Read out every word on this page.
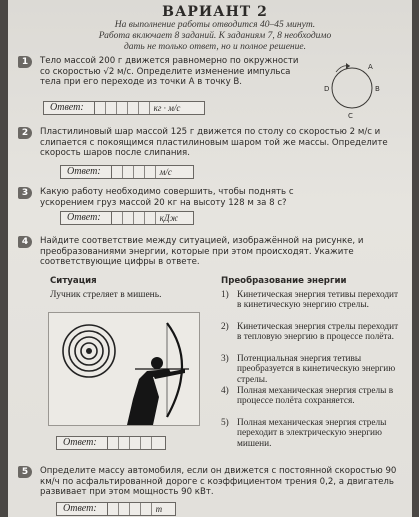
ВАРИАНТ 2
На выполнение работы отводится 40–45 минут.
Работа включает 8 заданий. К заданиям 7, 8 необходимо
дать не только ответ, но и полное решение.
1	Тело массой 200 г движется равномерно по окружности со скоростью √2 м/с. Определите изменение импульса тела при его переходе из точки А в точку В.
A
B
C
D
Ответ:	кг · м/с
2	Пластилиновый шар массой 125 г движется по столу со скоростью 2 м/с и слипается с покоящимся пластилиновым шаром той же массы. Определите скорость шаров после слипания.
Ответ:	м/с
3	Какую работу необходимо совершить, чтобы поднять с ускорением груз массой 20 кг на высоту 128 м за 8 с?
Ответ:	кДж
4	Найдите соответствие между ситуацией, изображённой на рисунке, и преобразованиями энергии, которые при этом происходят. Укажите соответствующие цифры в ответе.
Ситуация	Преобразование энергии
Лучник стреляет в мишень.	1) Кинетическая энергия тетивы переходит в кинетическую энергию стрелы.
2) Кинетическая энергия стрелы переходит в тепловую энергию в процессе полёта.
3) Потенциальная энергия тетивы преобразуется в кинетическую энергию стрелы.
4) Полная механическая энергия стрелы в процессе полёта сохраняется.
5) Полная механическая энергия стрелы переходит в электрическую энергию мишени.
Ответ:
5	Определите массу автомобиля, если он движется с постоянной скоростью 90 км/ч по асфальтированной дороге с коэффициентом трения 0,2, а двигатель развивает при этом мощность 90 кВт.
Ответ:	т
